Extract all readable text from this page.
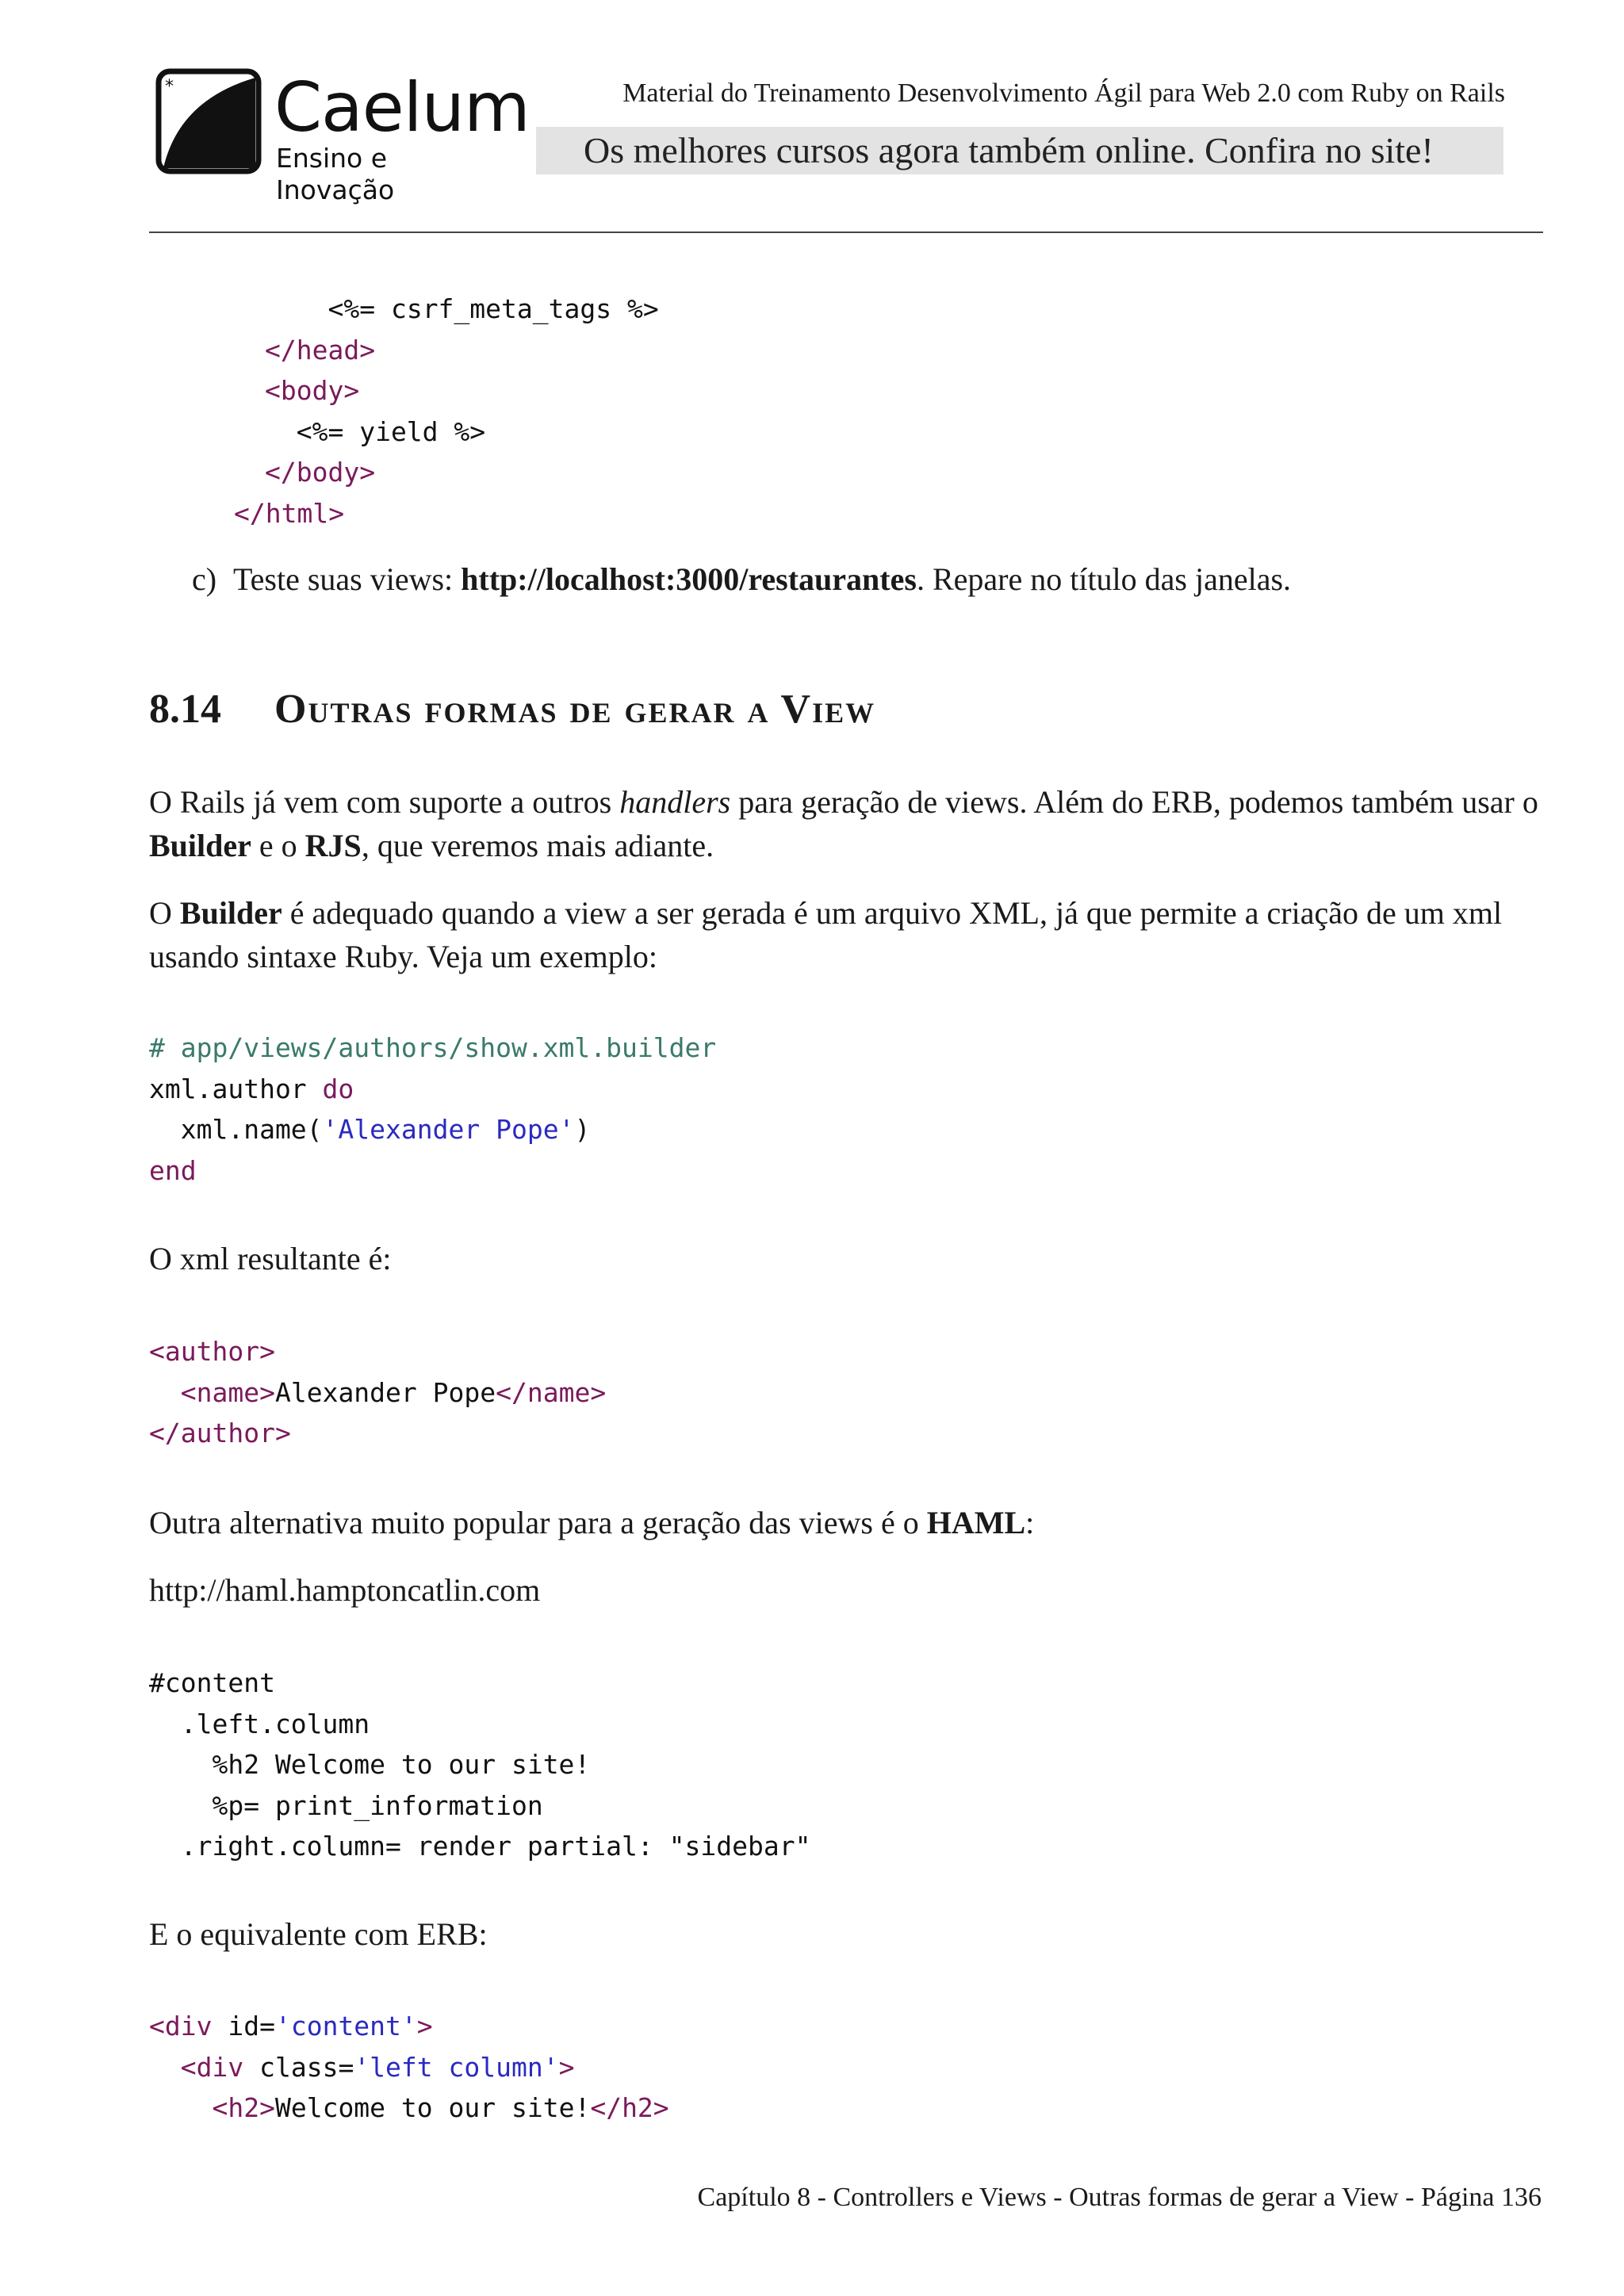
* Caelum
Ensino e Inovação
Material do Treinamento Desenvolvimento Ágil para Web 2.0 com Ruby on Rails
Os melhores cursos agora também online. Confira no site!
<%= csrf_meta_tags %>
</head>
<body>
<%= yield %>
</body>
</html>

c) Teste suas views: http://localhost:3000/restaurantes. Repare no título das janelas.

8.14 Outras formas de gerar a View

O Rails já vem com suporte a outros handlers para geração de views. Além do ERB, podemos também usar o Builder e o RJS, que veremos mais adiante.

O Builder é adequado quando a view a ser gerada é um arquivo XML, já que permite a criação de um xml usando sintaxe Ruby. Veja um exemplo:

# app/views/authors/show.xml.builder
xml.author do
xml.name('Alexander Pope')
end

O xml resultante é:

<author>
<name>Alexander Pope</name>
</author>

Outra alternativa muito popular para a geração das views é o HAML:

http://haml.hamptoncatlin.com

#content
.left.column
%h2 Welcome to our site!
%p= print_information
.right.column= render partial: "sidebar"

E o equivalente com ERB:

<div id='content'>
<div class='left column'>
<h2>Welcome to our site!</h2>
Capítulo 8 - Controllers e Views - Outras formas de gerar a View - Página 136
